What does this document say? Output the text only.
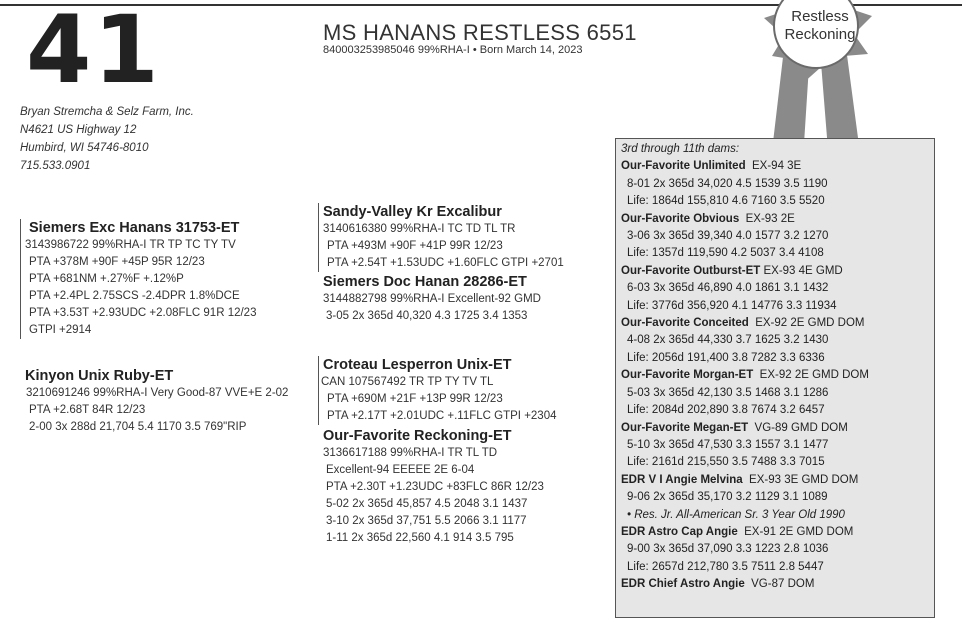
41	MS HANANS RESTLESS 6551
840003253985046 99%RHA-I • Born March 14, 2023
Bryan Stremcha & Selz Farm, Inc.
N4621 US Highway 12
Humbird, WI 54746-8010
715.533.0901
Restless
Reckoning
Siemers Exc Hanans 31753-ET
3143986722 99%RHA-I TR TP TC TY TV
PTA +378M +90F +45P 95R 12/23
PTA +681NM +.27%F +.12%P
PTA +2.4PL 2.75SCS -2.4DPR 1.8%DCE
PTA +3.53T +2.93UDC +2.08FLC 91R 12/23
GTPI +2914
Sandy-Valley Kr Excalibur
3140616380 99%RHA-I TC TD TL TR
PTA +493M +90F +41P 99R 12/23
PTA +2.54T +1.53UDC +1.60FLC GTPI +2701
Siemers Doc Hanan 28286-ET
3144882798 99%RHA-I Excellent-92 GMD
3-05 2x 365d 40,320 4.3 1725 3.4 1353
Kinyon Unix Ruby-ET
3210691246 99%RHA-I Very Good-87 VVE+E 2-02
PTA +2.68T 84R 12/23
2-00 3x 288d 21,704 5.4 1170 3.5 769"RIP
Croteau Lesperron Unix-ET
CAN 107567492 TR TP TY TV TL
PTA +690M +21F +13P 99R 12/23
PTA +2.17T +2.01UDC +.11FLC GTPI +2304
Our-Favorite Reckoning-ET
3136617188 99%RHA-I TR TL TD
Excellent-94 EEEEE 2E 6-04
PTA +2.30T +1.23UDC +83FLC 86R 12/23
5-02 2x 365d 45,857 4.5 2048 3.1 1437
3-10 2x 365d 37,751 5.5 2066 3.1 1177
1-11 2x 365d 22,560 4.1 914 3.5 795
3rd through 11th dams:
Our-Favorite Unlimited EX-94 3E
8-01 2x 365d 34,020 4.5 1539 3.5 1190
Life: 1864d 155,810 4.6 7160 3.5 5520
Our-Favorite Obvious EX-93 2E
3-06 3x 365d 39,340 4.0 1577 3.2 1270
Life: 1357d 119,590 4.2 5037 3.4 4108
Our-Favorite Outburst-ET EX-93 4E GMD
6-03 3x 365d 46,890 4.0 1861 3.1 1432
Life: 3776d 356,920 4.1 14776 3.3 11934
Our-Favorite Conceited EX-92 2E GMD DOM
4-08 2x 365d 44,330 3.7 1625 3.2 1430
Life: 2056d 191,400 3.8 7282 3.3 6336
Our-Favorite Morgan-ET EX-92 2E GMD DOM
5-03 3x 365d 42,130 3.5 1468 3.1 1286
Life: 2084d 202,890 3.8 7674 3.2 6457
Our-Favorite Megan-ET VG-89 GMD DOM
5-10 3x 365d 47,530 3.3 1557 3.1 1477
Life: 2161d 215,550 3.5 7488 3.3 7015
EDR V I Angie Melvina EX-93 3E GMD DOM
9-06 2x 365d 35,170 3.2 1129 3.1 1089
• Res. Jr. All-American Sr. 3 Year Old 1990
EDR Astro Cap Angie EX-91 2E GMD DOM
9-00 3x 365d 37,090 3.3 1223 2.8 1036
Life: 2657d 212,780 3.5 7511 2.8 5447
EDR Chief Astro Angie VG-87 DOM
